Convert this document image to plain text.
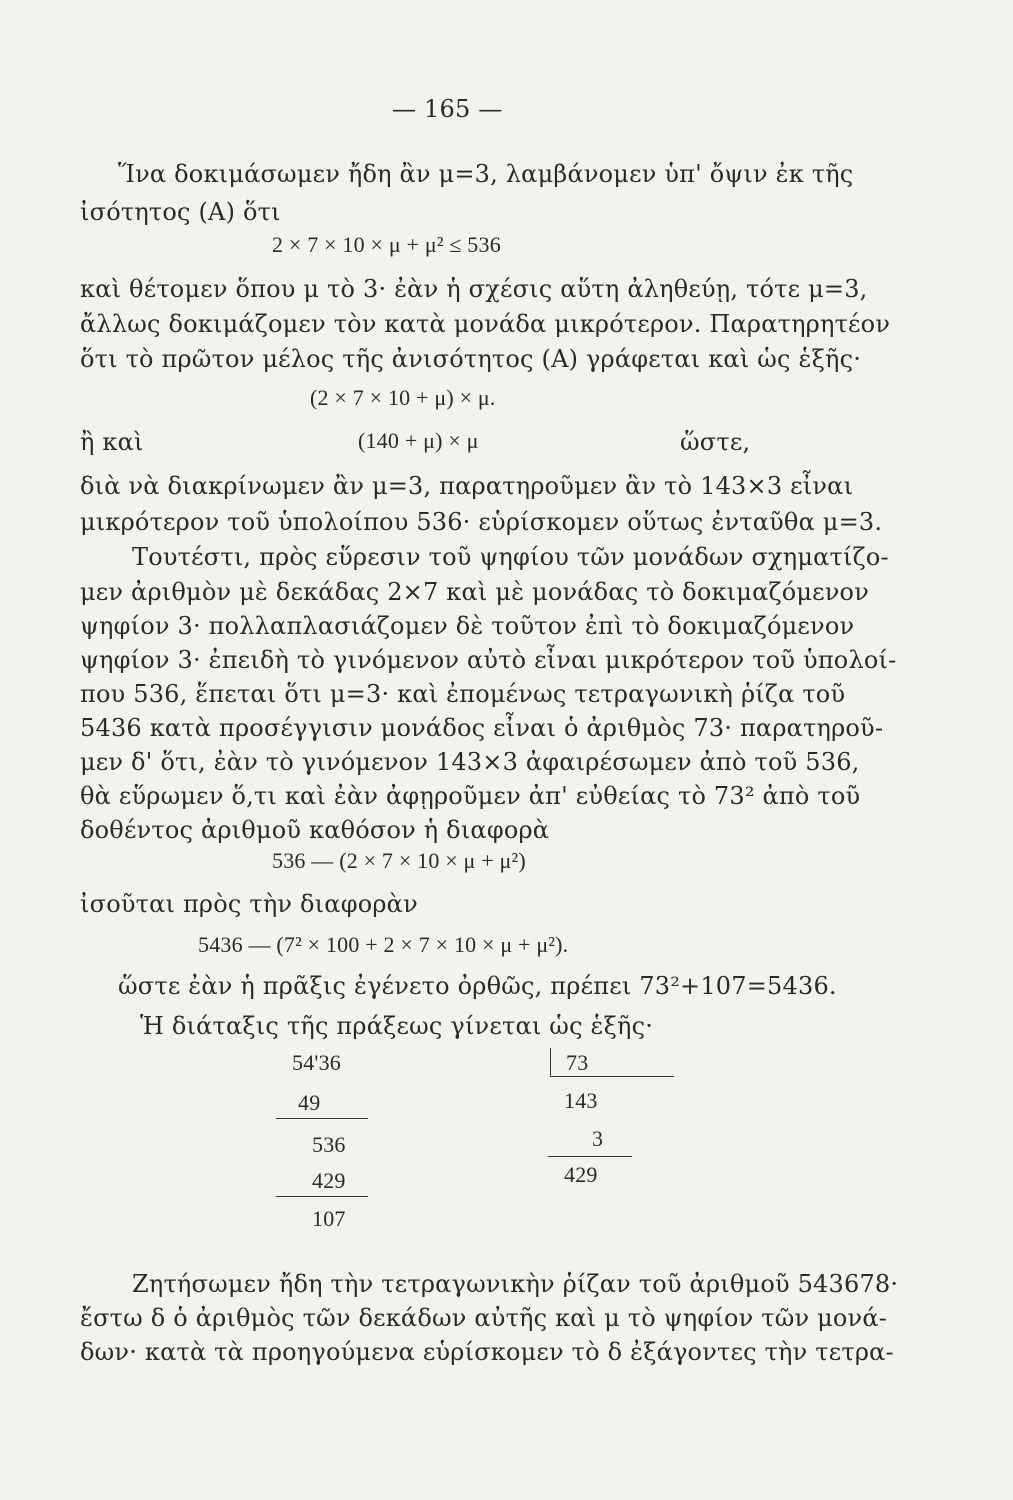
— 165 —
Ἵνα δοκιμάσωμεν ἤδη ἂν μ=3, λαμβάνομεν ὑπ' ὄψιν ἐκ τῆς
ἰσότητος (Α) ὅτι
2 × 7 × 10 × μ + μ² ≤ 536
καὶ θέτομεν ὅπου μ τὸ 3· ἐὰν ἡ σχέσις αὕτη ἀληθεύῃ, τότε μ=3,
ἄλλως δοκιμάζομεν τὸν κατὰ μονάδα μικρότερον. Παρατηρητέον
ὅτι τὸ πρῶτον μέλος τῆς ἀνισότητος (Α) γράφεται καὶ ὡς ἑξῆς·
(2 × 7 × 10 + μ) × μ.
ἢ καὶ	(140 + μ) × μ	ὥστε,
διὰ νὰ διακρίνωμεν ἂν μ=3, παρατηροῦμεν ἂν τὸ 143×3 εἶναι
μικρότερον τοῦ ὑπολοίπου 536· εὑρίσκομεν οὕτως ἐνταῦθα μ=3.
Τουτέστι, πρὸς εὕρεσιν τοῦ ψηφίου τῶν μονάδων σχηματίζο-
μεν ἀριθμὸν μὲ δεκάδας 2×7 καὶ μὲ μονάδας τὸ δοκιμαζόμενον
ψηφίον 3· πολλαπλασιάζομεν δὲ τοῦτον ἐπὶ τὸ δοκιμαζόμενον
ψηφίον 3· ἐπειδὴ τὸ γινόμενον αὐτὸ εἶναι μικρότερον τοῦ ὑπολοί-
που 536, ἕπεται ὅτι μ=3· καὶ ἐπομένως τετραγωνικὴ ῥίζα τοῦ
5436 κατὰ προσέγγισιν μονάδος εἶναι ὁ ἀριθμὸς 73· παρατηροῦ-
μεν δ' ὅτι, ἐὰν τὸ γινόμενον 143×3 ἀφαιρέσωμεν ἀπὸ τοῦ 536,
θὰ εὕρωμεν ὅ,τι καὶ ἐὰν ἀφῃροῦμεν ἀπ' εὐθείας τὸ 73² ἀπὸ τοῦ
δοθέντος ἀριθμοῦ καθόσον ἡ διαφορὰ
536 — (2 × 7 × 10 × μ + μ²)
ἰσοῦται πρὸς τὴν διαφορὰν
5436 — (7² × 100 + 2 × 7 × 10 × μ + μ²).
ὥστε ἐὰν ἡ πρᾶξις ἐγένετο ὀρθῶς, πρέπει 73²+107=5436.
Ἡ διάταξις τῆς πράξεως γίνεται ὡς ἑξῆς·
54'36
49
536
429
107
73
143
3
429
Ζητήσωμεν ἤδη τὴν τετραγωνικὴν ῥίζαν τοῦ ἀριθμοῦ 543678·
ἔστω δ ὁ ἀριθμὸς τῶν δεκάδων αὐτῆς καὶ μ τὸ ψηφίον τῶν μονά-
δων· κατὰ τὰ προηγούμενα εὑρίσκομεν τὸ δ ἐξάγοντες τὴν τετρα-
